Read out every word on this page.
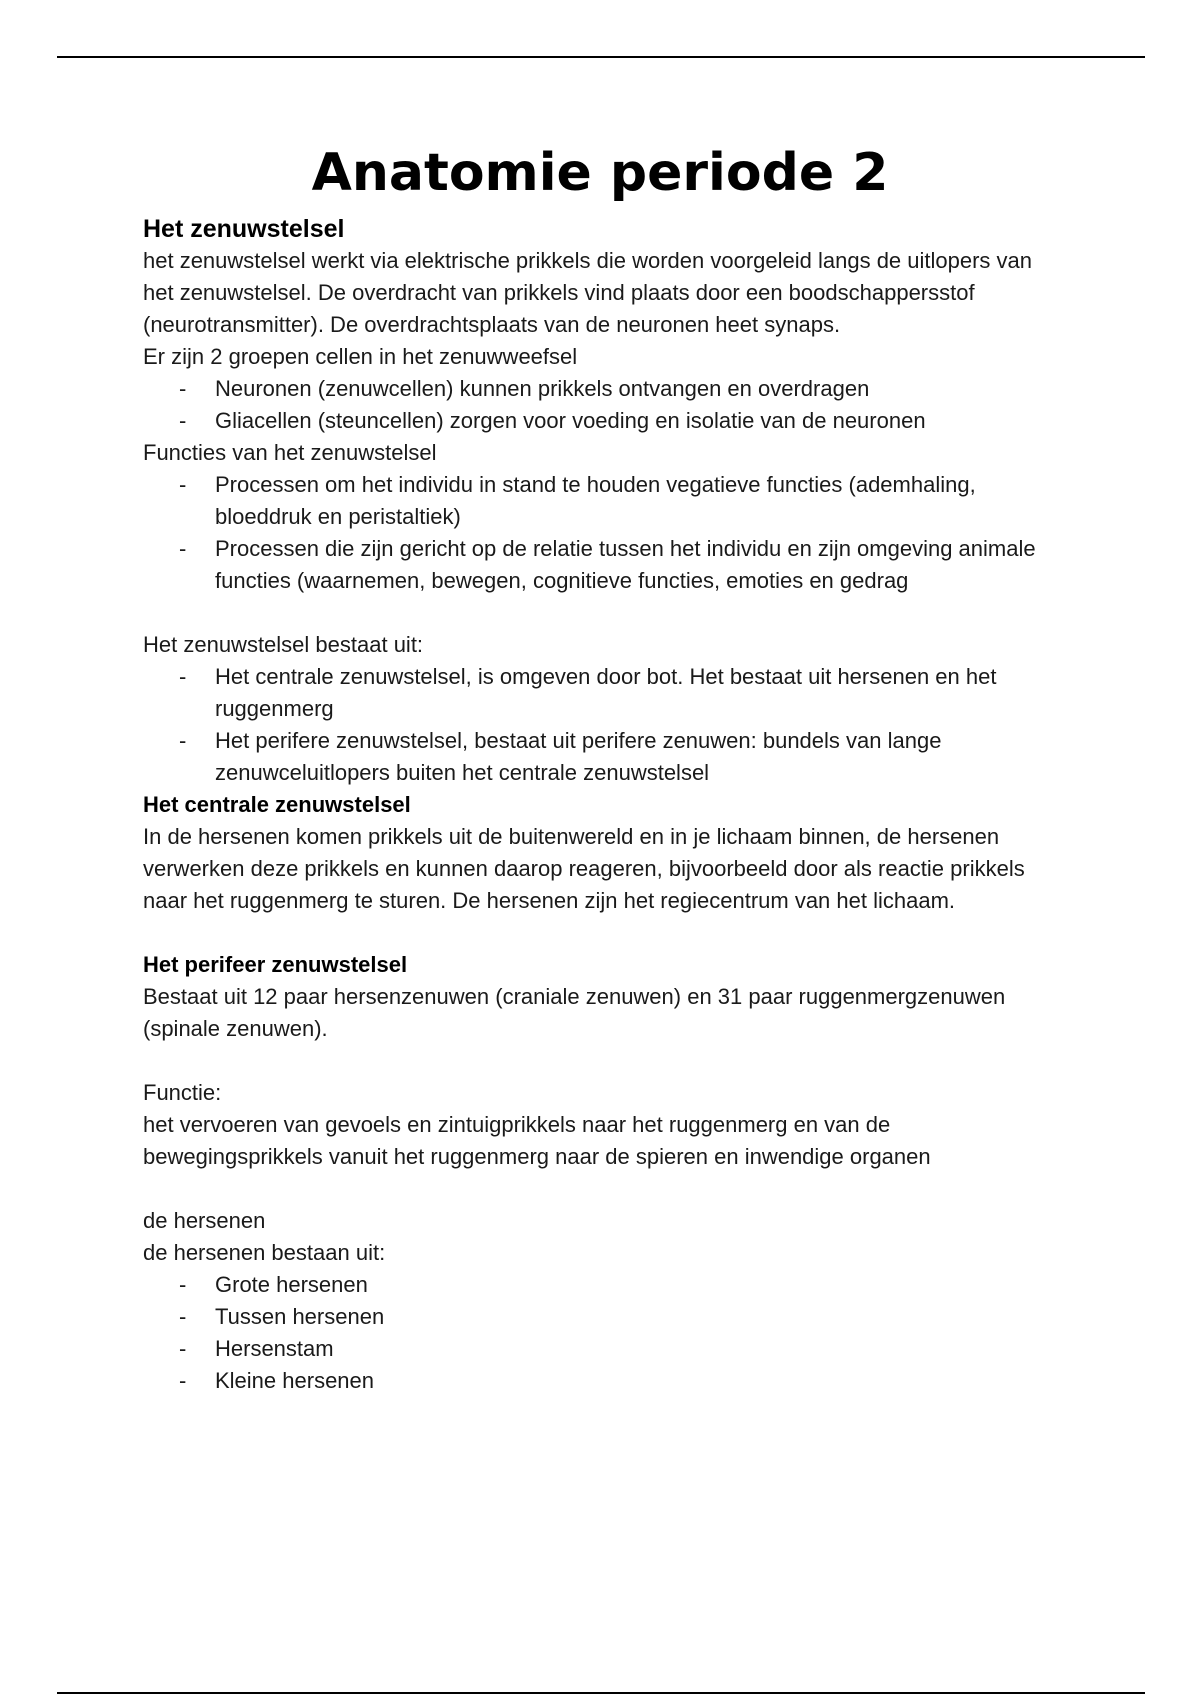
Anatomie periode 2

Het zenuwstelsel

het zenuwstelsel werkt via elektrische prikkels die worden voorgeleid langs de uitlopers van het zenuwstelsel. De overdracht van prikkels vind plaats door een boodschappersstof (neurotransmitter). De overdrachtsplaats van de neuronen heet synaps.

Er zijn 2 groepen cellen in het zenuwweefsel

- Neuronen (zenuwcellen) kunnen prikkels ontvangen en overdragen
- Gliacellen (steuncellen) zorgen voor voeding en isolatie van de neuronen

Functies van het zenuwstelsel

- Processen om het individu in stand te houden vegatieve functies (ademhaling, bloeddruk en peristaltiek)
- Processen die zijn gericht op de relatie tussen het individu en zijn omgeving animale functies (waarnemen, bewegen, cognitieve functies, emoties en gedrag

Het zenuwstelsel bestaat uit:

- Het centrale zenuwstelsel, is omgeven door bot. Het bestaat uit hersenen en het ruggenmerg
- Het perifere zenuwstelsel, bestaat uit perifere zenuwen: bundels van lange zenuwceluitlopers buiten het centrale zenuwstelsel

Het centrale zenuwstelsel

In de hersenen komen prikkels uit de buitenwereld en in je lichaam binnen, de hersenen verwerken deze prikkels en kunnen daarop reageren, bijvoorbeeld door als reactie prikkels naar het ruggenmerg te sturen. De hersenen zijn het regiecentrum van het lichaam.

Het perifeer zenuwstelsel

Bestaat uit 12 paar hersenzenuwen (craniale zenuwen) en 31 paar ruggenmergzenuwen (spinale zenuwen).

Functie:

het vervoeren van gevoels en zintuigprikkels naar het ruggenmerg en van de bewegingsprikkels vanuit het ruggenmerg naar de spieren en inwendige organen

de hersenen

de hersenen bestaan uit:

- Grote hersenen
- Tussen hersenen
- Hersenstam
- Kleine hersenen
